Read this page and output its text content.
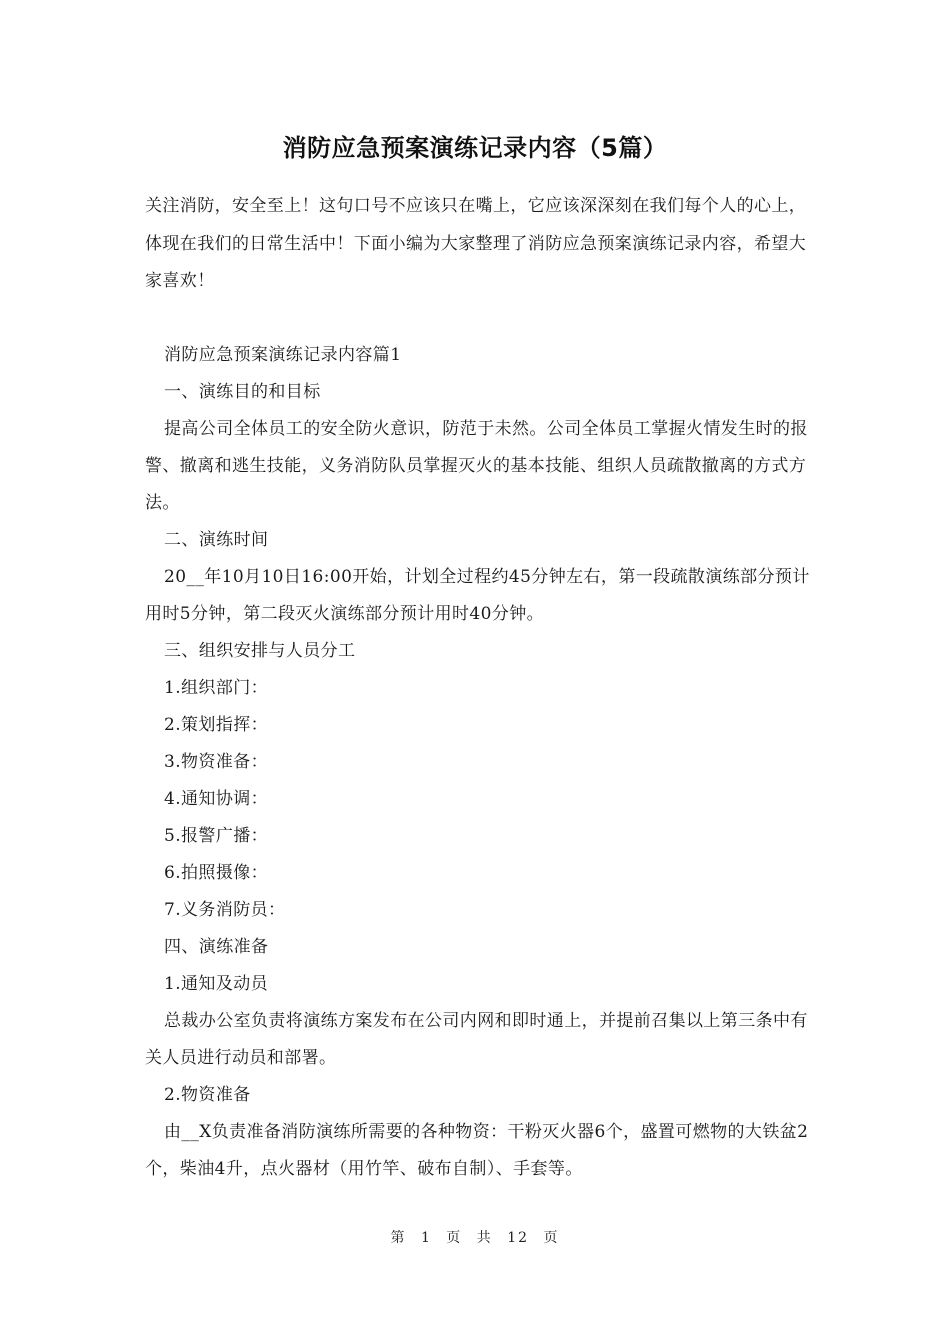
消防应急预案演练记录内容（5篇）
关注消防，安全至上！这句口号不应该只在嘴上，它应该深深刻在我们每个人的心上，体现在我们的日常生活中！下面小编为大家整理了消防应急预案演练记录内容，希望大家喜欢！

消防应急预案演练记录内容篇1

一、演练目的和目标

提高公司全体员工的安全防火意识，防范于未然。公司全体员工掌握火情发生时的报警、撤离和逃生技能，义务消防队员掌握灭火的基本技能、组织人员疏散撤离的方式方法。

二、演练时间

20__年10月10日16:00开始，计划全过程约45分钟左右，第一段疏散演练部分预计用时5分钟，第二段灭火演练部分预计用时40分钟。

三、组织安排与人员分工

1.组织部门：

2.策划指挥：

3.物资准备：

4.通知协调：

5.报警广播：

6.拍照摄像：

7.义务消防员：

四、演练准备

1.通知及动员

总裁办公室负责将演练方案发布在公司内网和即时通上，并提前召集以上第三条中有关人员进行动员和部署。

2.物资准备

由__X负责准备消防演练所需要的各种物资：干粉灭火器6个，盛置可燃物的大铁盆2个，柴油4升，点火器材（用竹竿、破布自制）、手套等。

第 1 页 共 12 页
